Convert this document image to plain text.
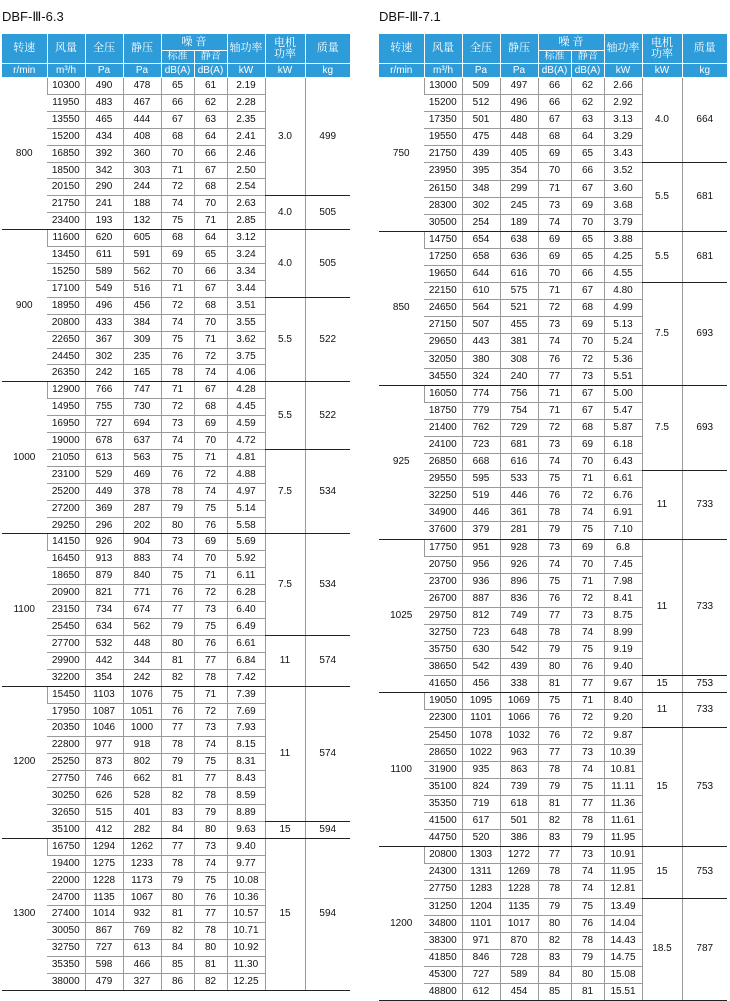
DBF-Ⅲ-6.3
转速	风量	全压	静压	噪 音		轴功率	电机
功率	质量
				标准	静音			
r/min	m³/h	Pa	Pa	dB(A)	dB(A)	kW	kW	kg
800	10300	490	478	65	61	2.19	3.0	499
	11950	483	467	66	62	2.28		
	13550	465	444	67	63	2.35		
	15200	434	408	68	64	2.41		
	16850	392	360	70	66	2.46		
	18500	342	303	71	67	2.50		
	20150	290	244	72	68	2.54		
	21750	241	188	74	70	2.63	4.0	505
	23400	193	132	75	71	2.85		
900	11600	620	605	68	64	3.12	4.0	505
	13450	611	591	69	65	3.24		
	15250	589	562	70	66	3.34		
	17100	549	516	71	67	3.44		
	18950	496	456	72	68	3.51	5.5	522
	20800	433	384	74	70	3.55		
	22650	367	309	75	71	3.62		
	24450	302	235	76	72	3.75		
	26350	242	165	78	74	4.06		
1000	12900	766	747	71	67	4.28	5.5	522
	14950	755	730	72	68	4.45		
	16950	727	694	73	69	4.59		
	19000	678	637	74	70	4.72		
	21050	613	563	75	71	4.81	7.5	534
	23100	529	469	76	72	4.88		
	25200	449	378	78	74	4.97		
	27200	369	287	79	75	5.14		
	29250	296	202	80	76	5.58		
1100	14150	926	904	73	69	5.69	7.5	534
	16450	913	883	74	70	5.92		
	18650	879	840	75	71	6.11		
	20900	821	771	76	72	6.28		
	23150	734	674	77	73	6.40		
	25450	634	562	79	75	6.49		
	27700	532	448	80	76	6.61	11	574
	29900	442	344	81	77	6.84		
	32200	354	242	82	78	7.42		
1200	15450	1103	1076	75	71	7.39	11	574
	17950	1087	1051	76	72	7.69		
	20350	1046	1000	77	73	7.93		
	22800	977	918	78	74	8.15		
	25250	873	802	79	75	8.31		
	27750	746	662	81	77	8.43		
	30250	626	528	82	78	8.59		
	32650	515	401	83	79	8.89		
	35100	412	282	84	80	9.63	15	594
1300	16750	1294	1262	77	73	9.40	15	594
	19400	1275	1233	78	74	9.77		
	22000	1228	1173	79	75	10.08		
	24700	1135	1067	80	76	10.36		
	27400	1014	932	81	77	10.57		
	30050	867	769	82	78	10.71		
	32750	727	613	84	80	10.92		
	35350	598	466	85	81	11.30		
	38000	479	327	86	82	12.25		
DBF-Ⅲ-7.1
转速	风量	全压	静压	噪 音		轴功率	电机
功率	质量
				标准	静音			
r/min	m³/h	Pa	Pa	dB(A)	dB(A)	kW	kW	kg
750	13000	509	497	66	62	2.66	4.0	664
	15200	512	496	66	62	2.92		
	17350	501	480	67	63	3.13		
	19550	475	448	68	64	3.29		
	21750	439	405	69	65	3.43		
	23950	395	354	70	66	3.52	5.5	681
	26150	348	299	71	67	3.60		
	28300	302	245	73	69	3.68		
	30500	254	189	74	70	3.79		
850	14750	654	638	69	65	3.88	5.5	681
	17250	658	636	69	65	4.25		
	19650	644	616	70	66	4.55		
	22150	610	575	71	67	4.80	7.5	693
	24650	564	521	72	68	4.99		
	27150	507	455	73	69	5.13		
	29650	443	381	74	70	5.24		
	32050	380	308	76	72	5.36		
	34550	324	240	77	73	5.51		
925	16050	774	756	71	67	5.00	7.5	693
	18750	779	754	71	67	5.47		
	21400	762	729	72	68	5.87		
	24100	723	681	73	69	6.18		
	26850	668	616	74	70	6.43		
	29550	595	533	75	71	6.61	11	733
	32250	519	446	76	72	6.76		
	34900	446	361	78	74	6.91		
	37600	379	281	79	75	7.10		
1025	17750	951	928	73	69	6.8	11	733
	20750	956	926	74	70	7.45		
	23700	936	896	75	71	7.98		
	26700	887	836	76	72	8.41		
	29750	812	749	77	73	8.75		
	32750	723	648	78	74	8.99		
	35750	630	542	79	75	9.19		
	38650	542	439	80	76	9.40		
	41650	456	338	81	77	9.67	15	753
1100	19050	1095	1069	75	71	8.40	11	733
	22300	1101	1066	76	72	9.20		
	25450	1078	1032	76	72	9.87	15	753
	28650	1022	963	77	73	10.39		
	31900	935	863	78	74	10.81		
	35100	824	739	79	75	11.11		
	35350	719	618	81	77	11.36		
	41500	617	501	82	78	11.61		
	44750	520	386	83	79	11.95		
1200	20800	1303	1272	77	73	10.91	15	753
	24300	1311	1269	78	74	11.95		
	27750	1283	1228	78	74	12.81		
	31250	1204	1135	79	75	13.49	18.5	787
	34800	1101	1017	80	76	14.04		
	38300	971	870	82	78	14.43		
	41850	846	728	83	79	14.75		
	45300	727	589	84	80	15.08		
	48800	612	454	85	81	15.51		
